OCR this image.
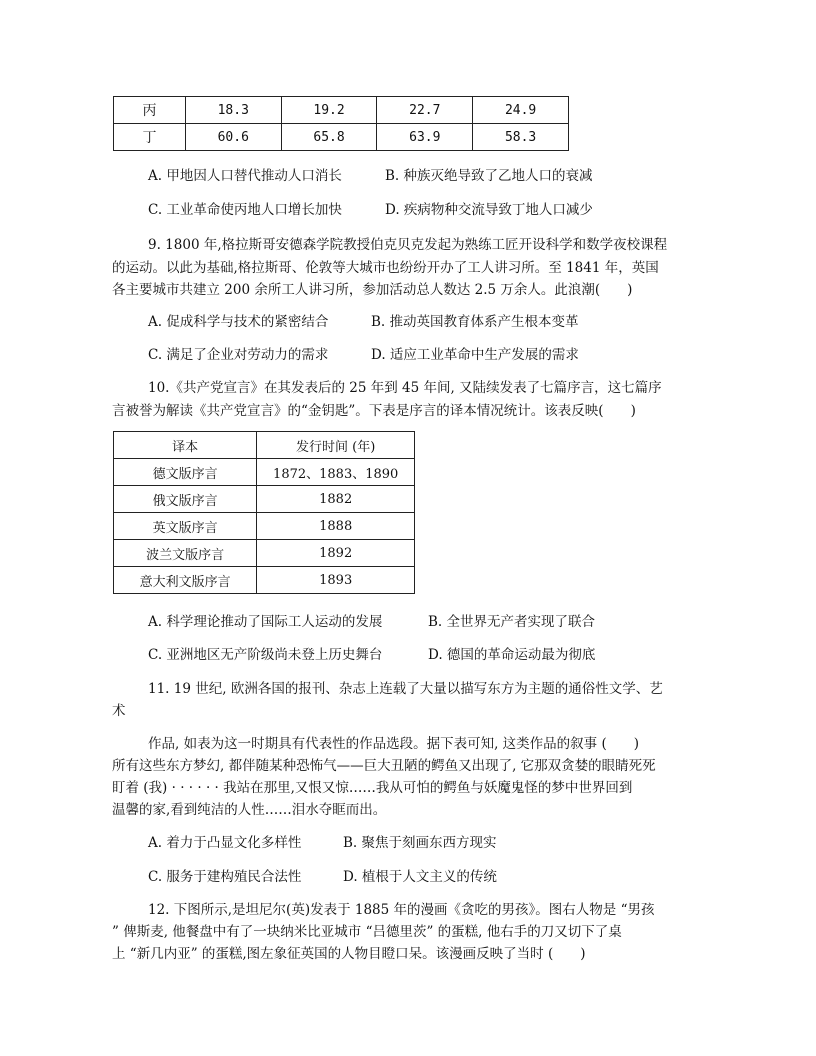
丙	18.3	19.2	22.7	24.9
丁	60.6	65.8	63.9	58.3
A. 甲地因人口替代推动人口消长	B. 种族灭绝导致了乙地人口的衰减
C. 工业革命使丙地人口增长加快	D. 疾病物种交流导致丁地人口减少
9. 1800 年,格拉斯哥安德森学院教授伯克贝克发起为熟练工匠开设科学和数学夜校课程
的运动。以此为基础,格拉斯哥、伦敦等大城市也纷纷开办了工人讲习所。至 1841 年，英国
各主要城市共建立 200 余所工人讲习所，参加活动总人数达 2.5 万余人。此浪潮(　　)
A. 促成科学与技术的紧密结合	B. 推动英国教育体系产生根本变革
C. 满足了企业对劳动力的需求	D. 适应工业革命中生产发展的需求
10.《共产党宣言》在其发表后的 25 年到 45 年间, 又陆续发表了七篇序言，这七篇序
言被誉为解读《共产党宣言》的“金钥匙”。下表是序言的译本情况统计。该表反映(　　)
译本	发行时间 (年)
德文版序言	1872、1883、1890
俄文版序言	1882
英文版序言	1888
波兰文版序言	1892
意大利文版序言	1893
A. 科学理论推动了国际工人运动的发展	B. 全世界无产者实现了联合
C. 亚洲地区无产阶级尚未登上历史舞台	D. 德国的革命运动最为彻底
11. 19 世纪, 欧洲各国的报刊、杂志上连载了大量以描写东方为主题的通俗性文学、艺
术
作品, 如表为这一时期具有代表性的作品选段。据下表可知, 这类作品的叙事 (　　)
所有这些东方梦幻, 都伴随某种恐怖气——巨大丑陋的鳄鱼又出现了, 它那双贪婪的眼睛死死
盯着 (我) · · · · · · 我站在那里,又恨又惊……我从可怕的鳄鱼与妖魔鬼怪的梦中世界回到
温馨的家,看到纯洁的人性……泪水夺眶而出。
A. 着力于凸显文化多样性	B. 聚焦于刻画东西方现实
C. 服务于建构殖民合法性	D. 植根于人文主义的传统
12. 下图所示,是坦尼尔(英)发表于 1885 年的漫画《贪吃的男孩》。图右人物是 “男孩
” 俾斯麦, 他餐盘中有了一块纳米比亚城市 “吕德里茨” 的蛋糕, 他右手的刀又切下了桌
上 “新几内亚” 的蛋糕,图左象征英国的人物目瞪口呆。该漫画反映了当时 (　　)
